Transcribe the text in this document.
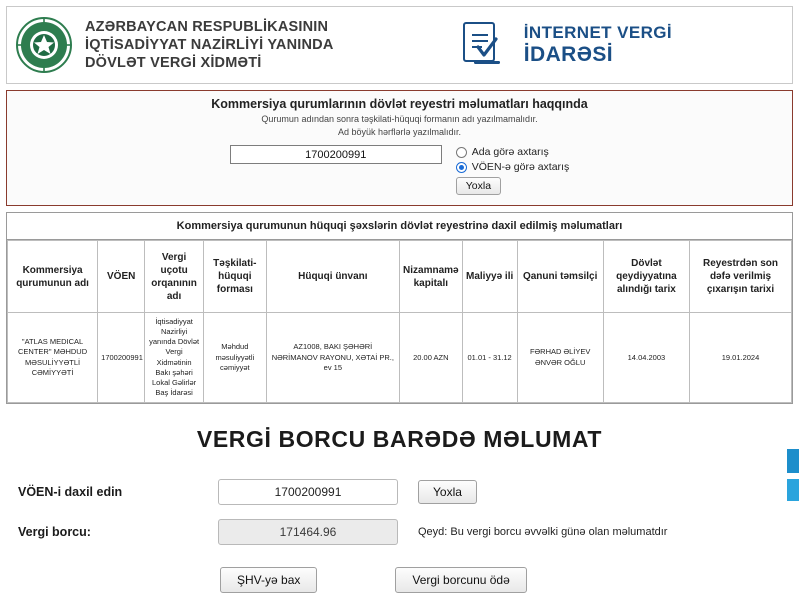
AZƏRBAYCAN RESPUBLİKASININ
İQTİSADİYYAT NAZİRLİYİ YANINDA
DÖVLƏT VERGİ XİDMƏTİ
İNTERNET VERGİ
İDARƏSİ
Kommersiya qurumlarının dövlət reyestri məlumatları haqqında
Qurumun adından sonra təşkilati-hüquqi formanın adı yazılmamalıdır.
Ad böyük hərflərlə yazılmalıdır.
1700200991
Ada görə axtarış
VÖEN-ə görə axtarış
Yoxla
Kommersiya qurumunun hüquqi şəxslərin dövlət reyestrinə daxil edilmiş məlumatları
Kommersiya qurumunun adı	VÖEN	Vergi uçotu orqanının adı	Təşkilati-hüquqi forması	Hüquqi ünvanı	Nizamnamə kapitalı	Maliyyə ili	Qanuni təmsilçi	Dövlət qeydiyyatına alındığı tarix	Reyestrdən son dəfə verilmiş çıxarışın tarixi
"ATLAS MEDICAL CENTER" MƏHDUD MƏSULİYYƏTLİ CƏMİYYƏTİ	1700200991	İqtisadiyyat Nazirliyi yanında Dövlət Vergi Xidmətinin Bakı şəhəri Lokal Gəlirlər Baş İdarəsi	Məhdud məsuliyyətli cəmiyyət	AZ1008, BAKI ŞƏHƏRİ NƏRİMANOV RAYONU, XƏTAİ PR., ev 15	20.00 AZN	01.01 - 31.12	FƏRHAD ƏLİYEV ƏNVƏR OĞLU	14.04.2003	19.01.2024
VERGİ BORCU BARƏDƏ MƏLUMAT
VÖEN-i daxil edin
1700200991	Yoxla
Vergi borcu:
171464.96	Qeyd: Bu vergi borcu əvvəlki günə olan məlumatdır
ŞHV-yə bax	Vergi borcunu ödə
